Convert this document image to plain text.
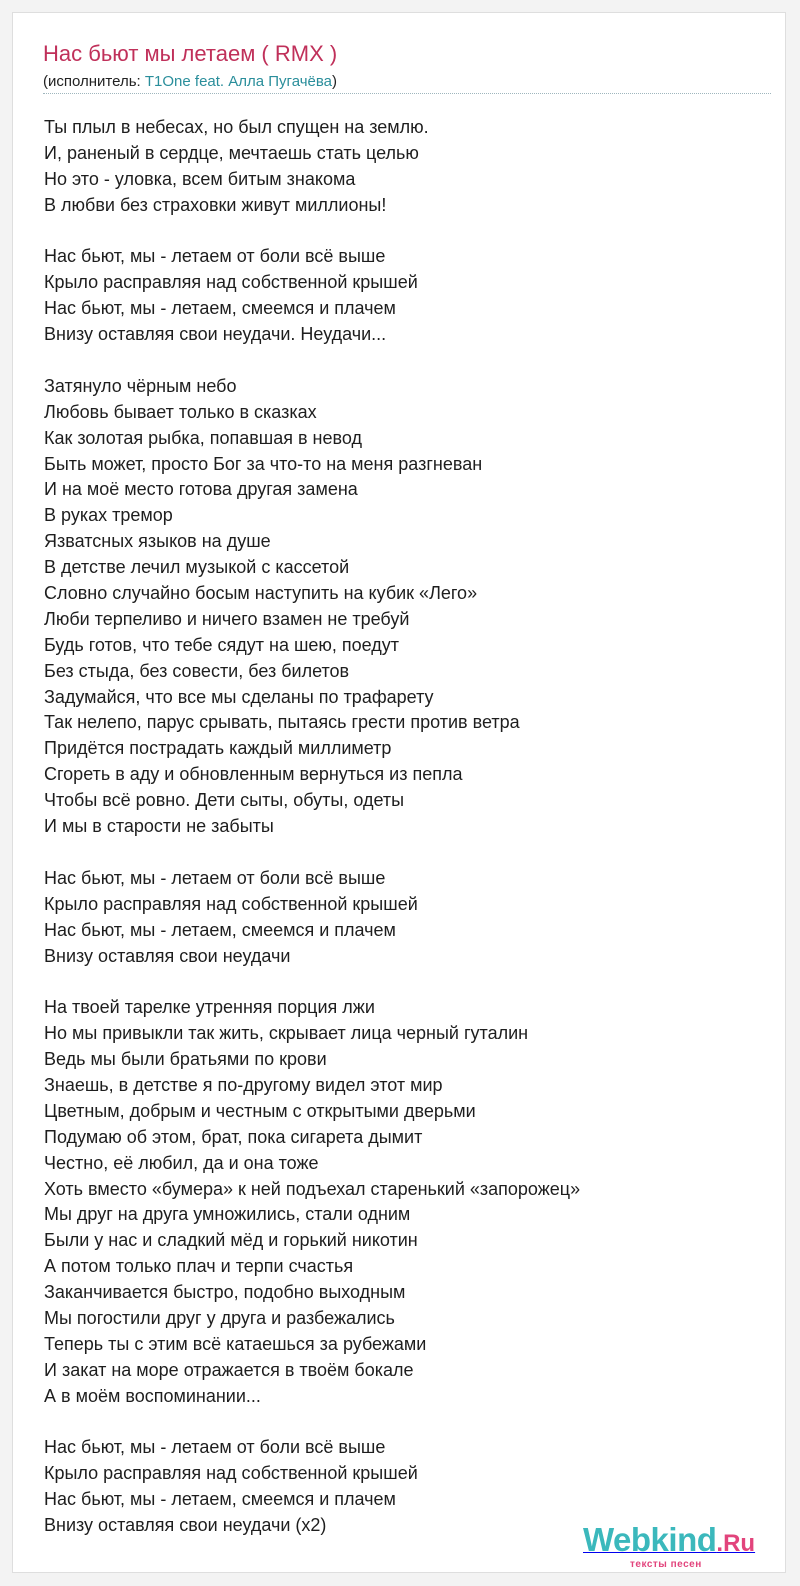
Нас бьют мы летаем ( RMX )
(исполнитель: T1One feat. Алла Пугачёва)
Ты плыл в небесах, но был спущен на землю.
И, раненый в сердце, мечтаешь стать целью
Но это - уловка, всем битым знакома
В любви без страховки живут миллионы!
Нас бьют, мы - летаем от боли всё выше
Крыло расправляя над собственной крышей
Нас бьют, мы - летаем, смеемся и плачем
Внизу оставляя свои неудачи. Неудачи...
Затянуло чёрным небо
Любовь бывает только в сказках
Как золотая рыбка, попавшая в невод
Быть может, просто Бог за что-то на меня разгневан
И на моё место готова другая замена
В руках тремор
Язватсных языков на душе
В детстве лечил музыкой с кассетой
Словно случайно босым наступить на кубик «Лего»
Люби терпеливо и ничего взамен не требуй
Будь готов, что тебе сядут на шею, поедут
Без стыда, без совести, без билетов
Задумайся, что все мы сделаны по трафарету
Так нелепо, парус срывать, пытаясь грести против ветра
Придётся пострадать каждый миллиметр
Сгореть в аду и обновленным вернуться из пепла
Чтобы всё ровно. Дети сыты, обуты, одеты
И мы в старости не забыты
Нас бьют, мы - летаем от боли всё выше
Крыло расправляя над собственной крышей
Нас бьют, мы - летаем, смеемся и плачем
Внизу оставляя свои неудачи
На твоей тарелке утренняя порция лжи
Но мы привыкли так жить, скрывает лица черный гуталин
Ведь мы были братьями по крови
Знаешь, в детстве я по-другому видел этот мир
Цветным, добрым и честным с открытыми дверьми
Подумаю об этом, брат, пока сигарета дымит
Честно, её любил, да и она тоже
Хоть вместо «бумера» к ней подъехал старенький «запорожец»
Мы друг на друга умножились, стали одним
Были у нас и сладкий мёд и горький никотин
А потом только плач и терпи счастья
Заканчивается быстро, подобно выходным
Мы погостили друг у друга и разбежались
Теперь ты с этим всё катаешься за рубежами
И закат на море отражается в твоём бокале
А в моём воспоминании...
Нас бьют, мы - летаем от боли всё выше
Крыло расправляя над собственной крышей
Нас бьют, мы - летаем, смеемся и плачем
Внизу оставляя свои неудачи (x2)	Webkind.Ru
тексты песен
